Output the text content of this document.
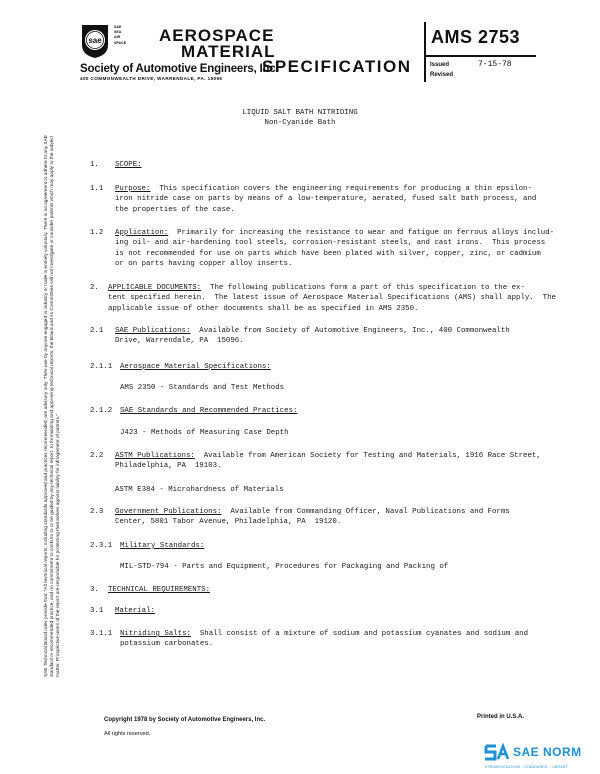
sae
SAE
SEA
AIR
SPACE AEROSPACE
MATERIAL
SPECIFICATION
Society of Automotive Engineers, Inc.
400 COMMONWEALTH DRIVE, WARRENDALE, PA. 15096
AMS 2753
Issued	7-15-78
Revised
SAE Technical Board rules provide that: "All technical reports, including standards approved and practices recommended, are advisory only. Their use by anyone engaged in industry or trade is entirely voluntary. There is no agreement to adhere to any SAE standard or recommended practice, and no commitment to conform to or be guided by any technical report. In formulating and approving technical reports, the Board and its Committees will not investigate or consider patents which may apply to the subject matter. Prospective users of the report are responsible for protecting themselves against liability for infringement of patents."
LIQUID SALT BATH NITRIDING
Non-Cyanide Bath
1. SCOPE:
1.1 Purpose: This specification covers the engineering requirements for producing a thin epsilon-
iron nitride case on parts by means of a low-temperature, aerated, fused salt bath process, and
the properties of the case.
1.2 Application: Primarily for increasing the resistance to wear and fatigue on ferrous alloys includ-
ing oil- and air-hardening tool steels, corrosion-resistant steels, and cast irons.  This process
is not recommended for use on parts which have been plated with silver, copper, zinc, or cadmium
or on parts having copper alloy inserts.
2. APPLICABLE DOCUMENTS: The following publications form a part of this specification to the ex-
tent specified herein.  The latest issue of Aerospace Material Specifications (AMS) shall apply.  The
applicable issue of other documents shall be as specified in AMS 2350.
2.1 SAE Publications: Available from Society of Automotive Engineers, Inc., 400 Commonwealth
Drive, Warrendale, PA  15096.
2.1.1 Aerospace Material Specifications:
AMS 2350 - Standards and Test Methods
2.1.2 SAE Standards and Recommended Practices:
J423 - Methods of Measuring Case Depth
2.2 ASTM Publications: Available from American Society for Testing and Materials, 1916 Race Street,
Philadelphia, PA  19103.
ASTM E384 - Microhardness of Materials
2.3 Government Publications: Available from Commanding Officer, Naval Publications and Forms
Center, 5801 Tabor Avenue, Philadelphia, PA  19120.
2.3.1 Military Standards:
MIL-STD-794 - Parts and Equipment, Procedures for Packaging and Packing of
3. TECHNICAL REQUIREMENTS:
3.1 Material:
3.1.1 Nitriding Salts: Shall consist of a mixture of sodium and potassium cyanates and sodium and
potassium carbonates.
Copyright 1978 by Society of Automotive Engineers, Inc.
All rights reserved.
Printed in U.S.A.
SAE NORM
STRUMENTAZIONE - STANDARDS - LIBRARY
